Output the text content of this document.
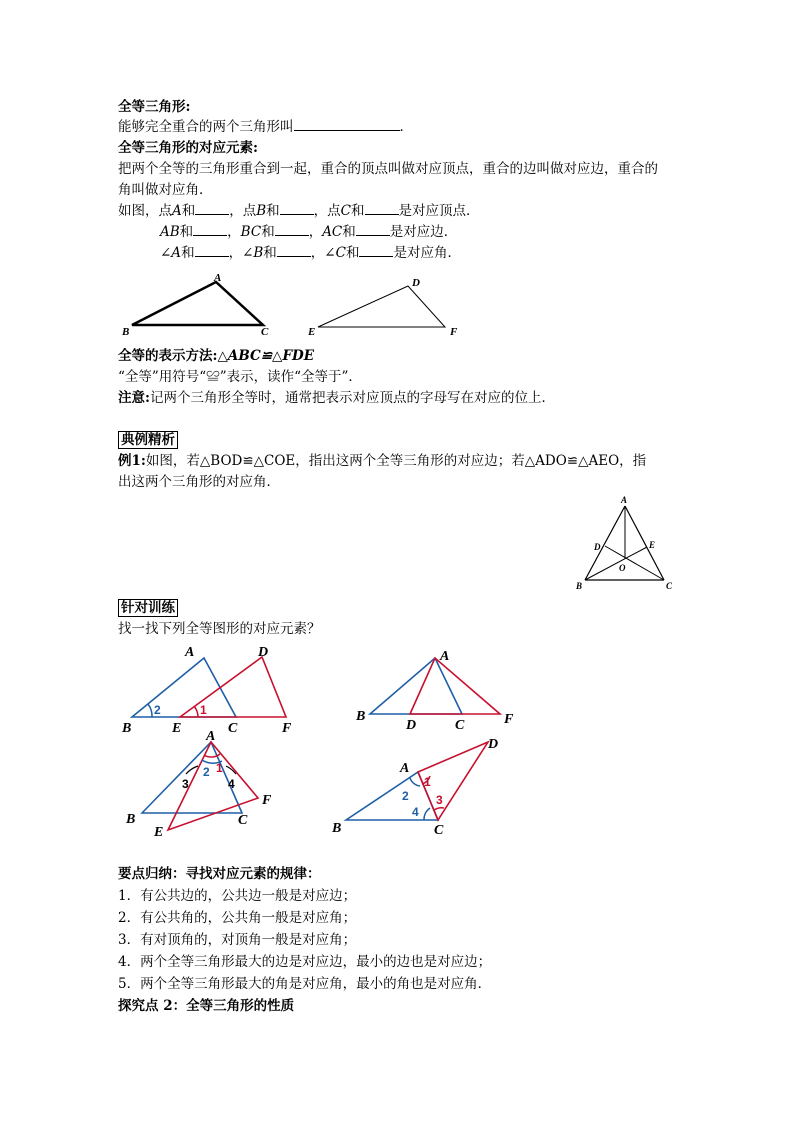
全等三角形:
能够完全重合的两个三角形叫	．
全等三角形的对应元素:
把两个全等的三角形重合到一起，重合的顶点叫做对应顶点，重合的边叫做对应边，重合的
角叫做对应角．
如图，点A和	，点B和	，点C和	是对应顶点．
AB和	，BC和	，AC和	是对应边．
∠A和	，∠B和	，∠C和	是对应角．
A
B	C
D
E	F
全等的表示方法:△ABC≌△FDE
“全等”用符号“≌”表示，读作“全等于”．
注意:记两个三角形全等时，通常把表示对应顶点的字母写在对应的位上．
典例精析
例1:如图，若△BOD≌△COE，指出这两个全等三角形的对应边；若△ADO≌△AEO，指
出这两个三角形的对应角．
A
D	E
O
B	C
针对训练
找一找下列全等图形的对应元素？
A	D
B	E	C	F
2	1
A
B
D	C	F
A
B
E
C
F
2 1
3	4
A
D
B	C
1
2 3
4
要点归纳：寻找对应元素的规律：
1．有公共边的，公共边一般是对应边；
2．有公共角的，公共角一般是对应角；
3．有对顶角的，对顶角一般是对应角；
4．两个全等三角形最大的边是对应边，最小的边也是对应边；
5．两个全等三角形最大的角是对应角，最小的角也是对应角．
探究点 2：全等三角形的性质
